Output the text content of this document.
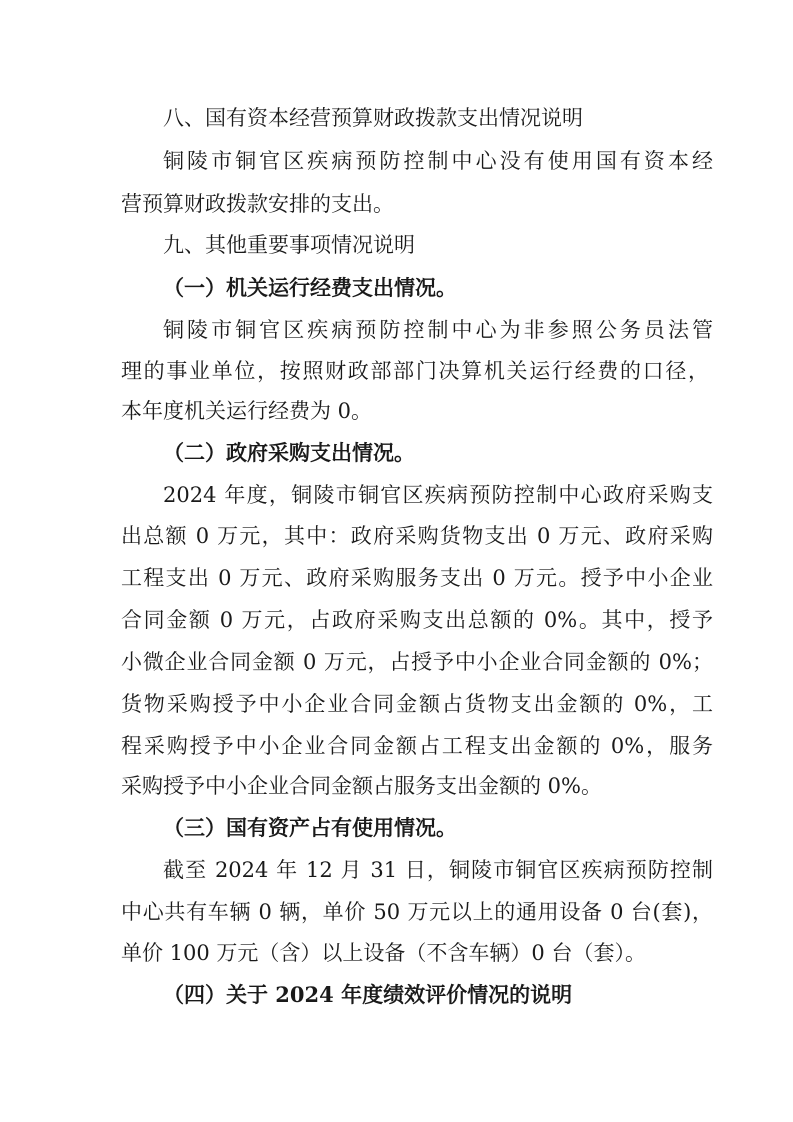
八、国有资本经营预算财政拨款支出情况说明
铜陵市铜官区疾病预防控制中心没有使用国有资本经
营预算财政拨款安排的支出。
九、其他重要事项情况说明
（一）机关运行经费支出情况。
铜陵市铜官区疾病预防控制中心为非参照公务员法管
理的事业单位，按照财政部部门决算机关运行经费的口径，
本年度机关运行经费为 0。
（二）政府采购支出情况。
2024 年度，铜陵市铜官区疾病预防控制中心政府采购支
出总额 0 万元，其中：政府采购货物支出 0 万元、政府采购
工程支出 0 万元、政府采购服务支出 0 万元。授予中小企业
合同金额 0 万元，占政府采购支出总额的 0%。其中，授予
小微企业合同金额 0 万元，占授予中小企业合同金额的 0%；
货物采购授予中小企业合同金额占货物支出金额的 0%，工
程采购授予中小企业合同金额占工程支出金额的 0%，服务
采购授予中小企业合同金额占服务支出金额的 0%。
（三）国有资产占有使用情况。
截至 2024 年 12 月 31 日，铜陵市铜官区疾病预防控制
中心共有车辆 0 辆，单价 50 万元以上的通用设备 0 台(套)，
单价 100 万元（含）以上设备（不含车辆）0 台（套）。
（四）关于 2024 年度绩效评价情况的说明
